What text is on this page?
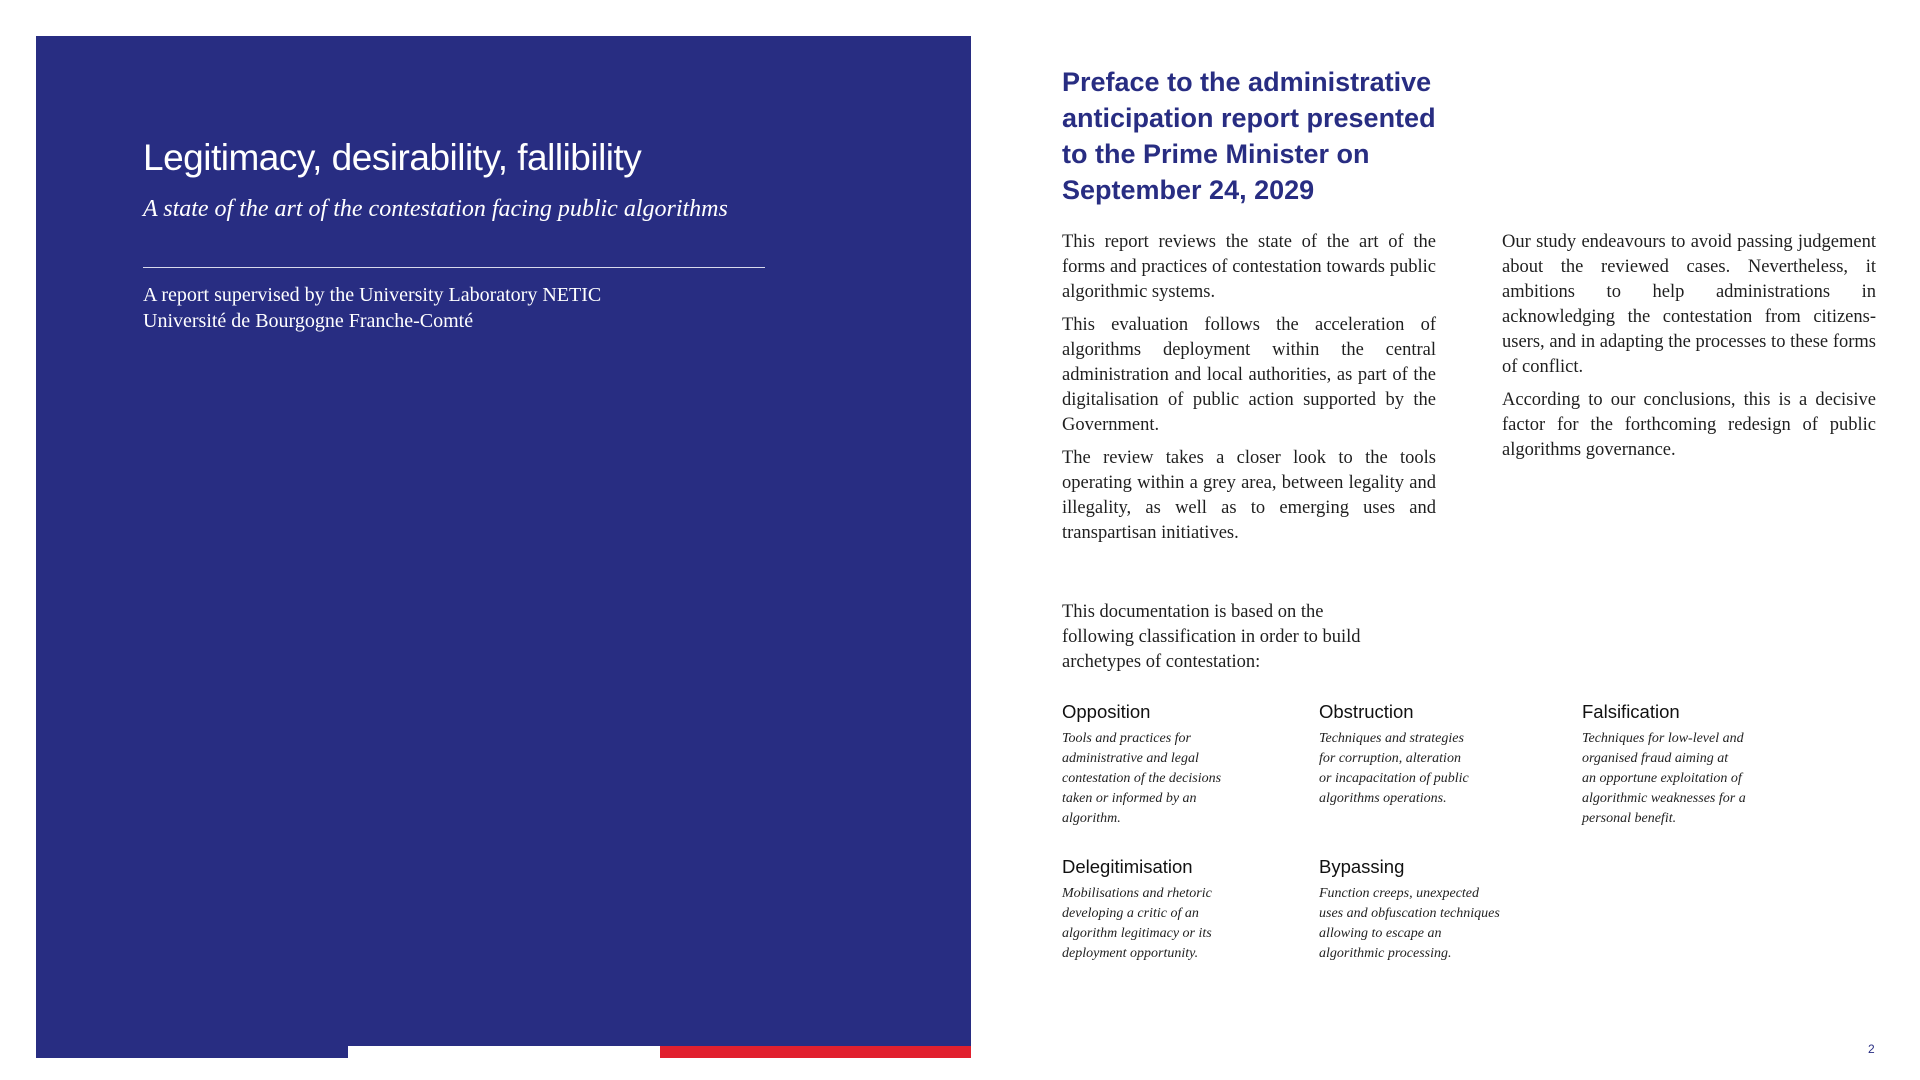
Legitimacy, desirability, fallibility
A state of the art of the contestation facing public algorithms
A report supervised by the University Laboratory NETIC
Université de Bourgogne Franche-Comté
Preface to the administrative
anticipation report presented
to the Prime Minister on
September 24, 2029

This report reviews the state of the art of the forms and practices of contestation towards public algorithmic systems.

This evaluation follows the acceleration of algorithms deployment within the central administration and local authorities, as part of the digitalisation of public action supported by the Government.

The review takes a closer look to the tools operating within a grey area, between legality and illegality, as well as to emerging uses and transpartisan initiatives.

Our study endeavours to avoid passing judgement about the reviewed cases. Nevertheless, it ambitions to help administrations in acknowledging the contestation from citizens-users, and in adapting the processes to these forms of conflict.

According to our conclusions, this is a decisive factor for the forthcoming redesign of public algorithms governance.

This documentation is based on the
following classification in order to build
archetypes of contestation:
Opposition
Tools and practices for
administrative and legal
contestation of the decisions
taken or informed by an
algorithm.
Obstruction
Techniques and strategies
for corruption, alteration
or incapacitation of public
algorithms operations.
Falsification
Techniques for low-level and
organised fraud aiming at
an opportune exploitation of
algorithmic weaknesses for a
personal benefit.
Delegitimisation
Mobilisations and rhetoric
developing a critic of an
algorithm legitimacy or its
deployment opportunity.
Bypassing
Function creeps, unexpected
uses and obfuscation techniques
allowing to escape an
algorithmic processing.
2
